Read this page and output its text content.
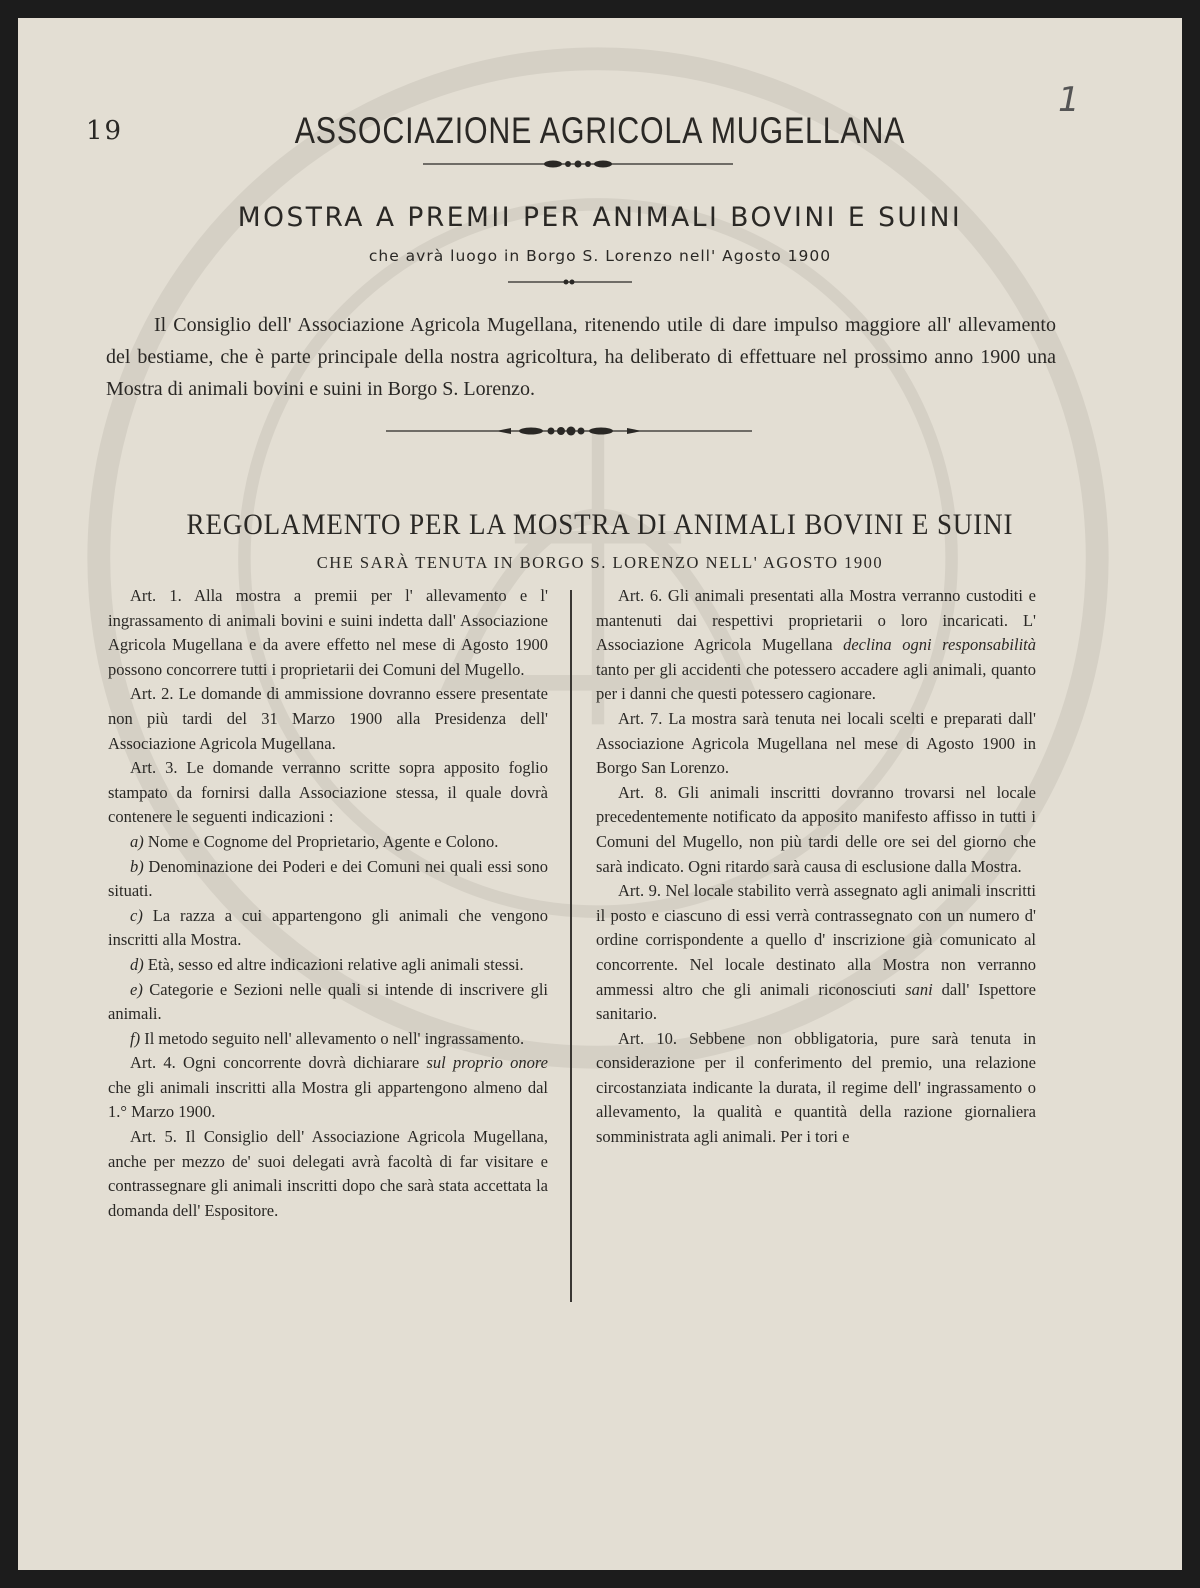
19
1
ASSOCIAZIONE AGRICOLA MUGELLANA
MOSTRA A PREMII PER ANIMALI BOVINI E SUINI
che avrà luogo in Borgo S. Lorenzo nell' Agosto 1900
Il Consiglio dell' Associazione Agricola Mugellana, ritenendo utile di dare impulso maggiore all' allevamento del bestiame, che è parte principale della nostra agricoltura, ha deliberato di effettuare nel prossimo anno 1900 una Mostra di animali bovini e suini in Borgo S. Lorenzo.
REGOLAMENTO PER LA MOSTRA DI ANIMALI BOVINI E SUINI
CHE SARÀ TENUTA IN BORGO S. LORENZO NELL' AGOSTO 1900

Art. 1. Alla mostra a premii per l' allevamento e l' ingrassamento di animali bovini e suini indetta dall' Associazione Agricola Mugellana e da avere effetto nel mese di Agosto 1900 possono concorrere tutti i proprietarii dei Comuni del Mugello.

Art. 2. Le domande di ammissione dovranno essere presentate non più tardi del 31 Marzo 1900 alla Presidenza dell' Associazione Agricola Mugellana.

Art. 3. Le domande verranno scritte sopra apposito foglio stampato da fornirsi dalla Associazione stessa, il quale dovrà contenere le seguenti indicazioni :

a) Nome e Cognome del Proprietario, Agente e Colono.

b) Denominazione dei Poderi e dei Comuni nei quali essi sono situati.

c) La razza a cui appartengono gli animali che vengono inscritti alla Mostra.

d) Età, sesso ed altre indicazioni relative agli animali stessi.

e) Categorie e Sezioni nelle quali si intende di inscrivere gli animali.

f) Il metodo seguito nell' allevamento o nell' ingrassamento.

Art. 4. Ogni concorrente dovrà dichiarare sul proprio onore che gli animali inscritti alla Mostra gli appartengono almeno dal 1.° Marzo 1900.

Art. 5. Il Consiglio dell' Associazione Agricola Mugellana, anche per mezzo de' suoi delegati avrà facoltà di far visitare e contrassegnare gli animali inscritti dopo che sarà stata accettata la domanda dell' Espositore.

Art. 6. Gli animali presentati alla Mostra verranno custoditi e mantenuti dai respettivi proprietarii o loro incaricati. L' Associazione Agricola Mugellana declina ogni responsabilità tanto per gli accidenti che potessero accadere agli animali, quanto per i danni che questi potessero cagionare.

Art. 7. La mostra sarà tenuta nei locali scelti e preparati dall' Associazione Agricola Mugellana nel mese di Agosto 1900 in Borgo San Lorenzo.

Art. 8. Gli animali inscritti dovranno trovarsi nel locale precedentemente notificato da apposito manifesto affisso in tutti i Comuni del Mugello, non più tardi delle ore sei del giorno che sarà indicato. Ogni ritardo sarà causa di esclusione dalla Mostra.

Art. 9. Nel locale stabilito verrà assegnato agli animali inscritti il posto e ciascuno di essi verrà contrassegnato con un numero d' ordine corrispondente a quello d' inscrizione già comunicato al concorrente. Nel locale destinato alla Mostra non verranno ammessi altro che gli animali riconosciuti sani dall' Ispettore sanitario.

Art. 10. Sebbene non obbligatoria, pure sarà tenuta in considerazione per il conferimento del premio, una relazione circostanziata indicante la durata, il regime dell' ingrassamento o allevamento, la qualità e quantità della razione giornaliera somministrata agli animali. Per i tori e
